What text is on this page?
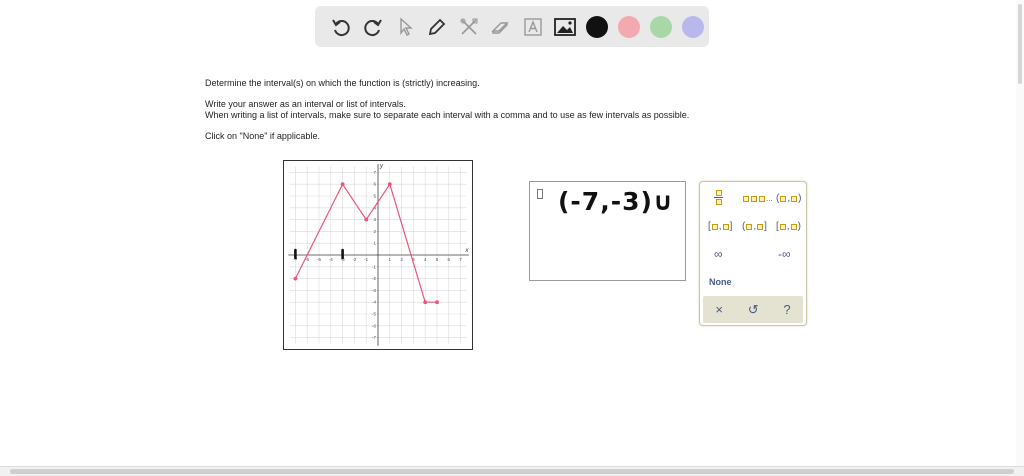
Determine the interval(s) on which the function is (strictly) increasing.
Write your answer as an interval or list of intervals.
When writing a list of intervals, make sure to separate each interval with a comma and to use as few intervals as possible.
Click on "None" if applicable.
x
y
-7 -6 -5 -4 -3 -2 -1	1 2 3 4 5 6 7
7
6
5
4
3
2
1
-1
-2
-3
-4
-5
-6
-7
(-7,-3)∪	... ( , )
[ , ] ( , ] [ , )
∞	-∞
None
× ↺ ?
